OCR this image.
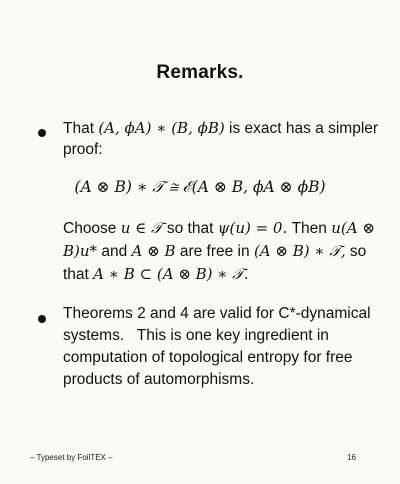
Remarks.
That (A, ϕA) ∗ (B, ϕB) is exact has a simpler
proof:
(A ⊗ B) ∗ 𝒯 ≅ ℰ(A ⊗ B, ϕA ⊗ ϕB)
Choose u ∈ 𝒯 so that ψ(u) = 0. Then u(A ⊗
B)u* and A ⊗ B are free in (A ⊗ B) ∗ 𝒯, so
that A ∗ B ⊂ (A ⊗ B) ∗ 𝒯.
Theorems 2 and 4 are valid for C*-dynamical
systems.   This is one key ingredient in
computation of topological entropy for free
products of automorphisms.
– Typeset by FoilTEX –	16
